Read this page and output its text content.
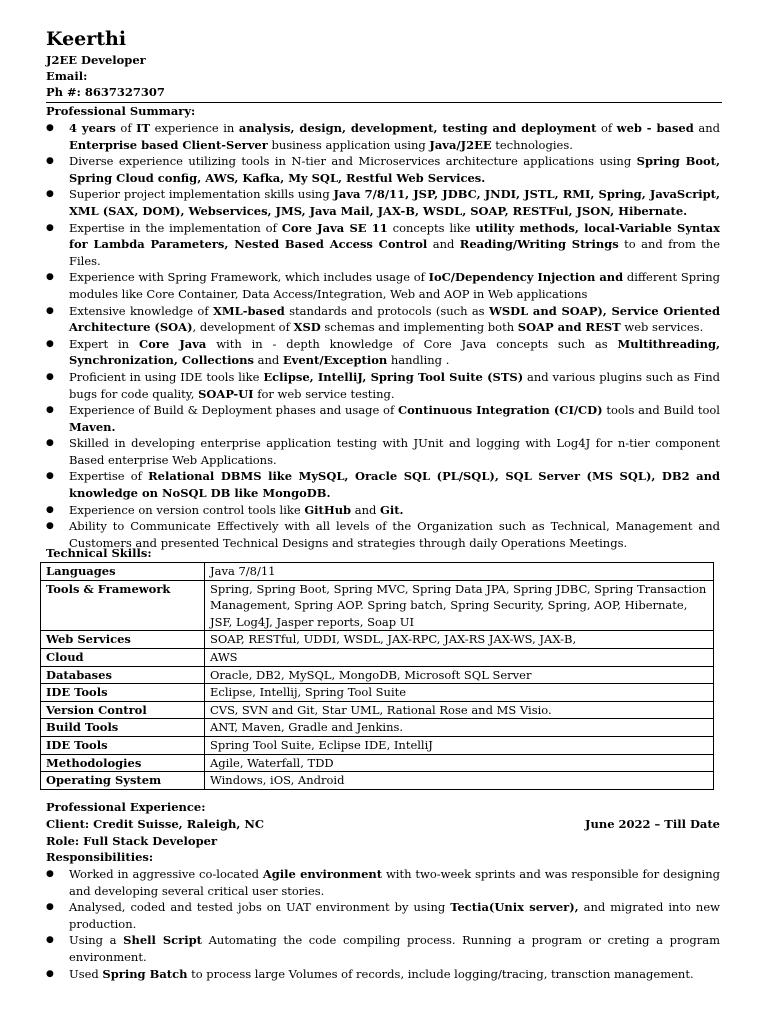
Keerthi
J2EE Developer
Email:
Ph #: 8637327307
Professional Summary:
● 4 years of IT experience in analysis, design, development, testing and deployment of web - based and Enterprise based Client-Server business application using Java/J2EE technologies.
● Diverse experience utilizing tools in N-tier and Microservices architecture applications using Spring Boot, Spring Cloud config, AWS, Kafka, My SQL, Restful Web Services.
● Superior project implementation skills using Java 7/8/11, JSP, JDBC, JNDI, JSTL, RMI, Spring, JavaScript, XML (SAX, DOM), Webservices, JMS, Java Mail, JAX-B, WSDL, SOAP, RESTFul, JSON, Hibernate.
● Expertise in the implementation of Core Java SE 11 concepts like utility methods, local-Variable Syntax for Lambda Parameters, Nested Based Access Control and Reading/Writing Strings to and from the Files.
● Experience with Spring Framework, which includes usage of IoC/Dependency Injection and different Spring modules like Core Container, Data Access/Integration, Web and AOP in Web applications
● Extensive knowledge of XML-based standards and protocols (such as WSDL and SOAP), Service Oriented Architecture (SOA), development of XSD schemas and implementing both SOAP and REST web services.
● Expert in Core Java with in - depth knowledge of Core Java concepts such as Multithreading, Synchronization, Collections and Event/Exception handling .
● Proficient in using IDE tools like Eclipse, IntelliJ, Spring Tool Suite (STS) and various plugins such as Find bugs for code quality, SOAP-UI for web service testing.
● Experience of Build & Deployment phases and usage of Continuous Integration (CI/CD) tools and Build tool Maven.
● Skilled in developing enterprise application testing with JUnit and logging with Log4J for n-tier component Based enterprise Web Applications.
● Expertise of Relational DBMS like MySQL, Oracle SQL (PL/SQL), SQL Server (MS SQL), DB2 and knowledge on NoSQL DB like MongoDB.
● Experience on version control tools like GitHub and Git.
● Ability to Communicate Effectively with all levels of the Organization such as Technical, Management and Customers and presented Technical Designs and strategies through daily Operations Meetings.
Technical Skills:
Languages	Java 7/8/11
Tools & Framework	Spring, Spring Boot, Spring MVC, Spring Data JPA, Spring JDBC, Spring Transaction Management, Spring AOP. Spring batch, Spring Security, Spring, AOP, Hibernate, JSF, Log4J, Jasper reports, Soap UI
Web Services	SOAP, RESTful, UDDI, WSDL, JAX-RPC, JAX-RS JAX-WS, JAX-B,
Cloud	AWS
Databases	Oracle, DB2, MySQL, MongoDB, Microsoft SQL Server
IDE Tools	Eclipse, Intellij, Spring Tool Suite
Version Control	CVS, SVN and Git, Star UML, Rational Rose and MS Visio.
Build Tools	ANT, Maven, Gradle and Jenkins.
IDE Tools	Spring Tool Suite, Eclipse IDE, IntelliJ
Methodologies	Agile, Waterfall, TDD
Operating System	Windows, iOS, Android
Professional Experience:
Client: Credit Suisse, Raleigh, NC	June 2022 – Till Date
Role: Full Stack Developer
Responsibilities:
● Worked in aggressive co-located Agile environment with two-week sprints and was responsible for designing and developing several critical user stories.
● Analysed, coded and tested jobs on UAT environment by using Tectia(Unix server), and migrated into new production.
● Using a Shell Script Automating the code compiling process. Running a program or creting a program environment.
● Used Spring Batch to process large Volumes of records, include logging/tracing, transction management.
